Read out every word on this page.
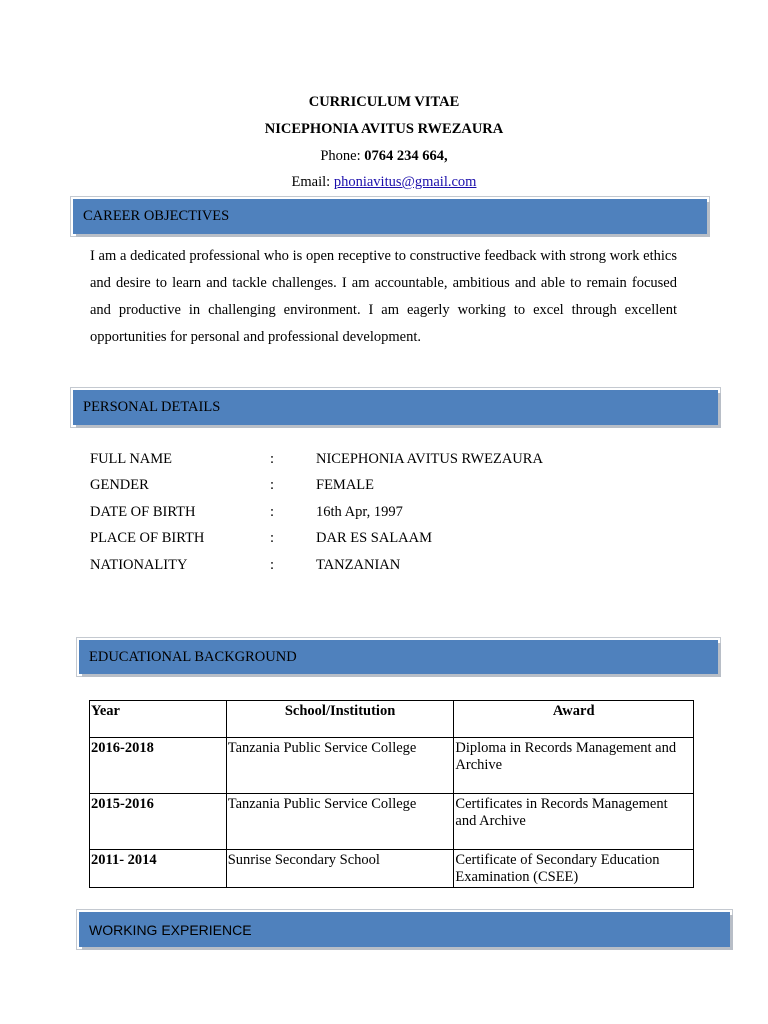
CURRICULUM VITAE
NICEPHONIA AVITUS RWEZAURA
Phone: 0764 234 664,
Email: phoniavitus@gmail.com
CAREER OBJECTIVES
I am a dedicated professional who is open receptive to constructive feedback with strong work ethics and desire to learn and tackle challenges. I am accountable, ambitious and able to remain focused and productive in challenging environment. I am eagerly working to excel through excellent opportunities for personal and professional development.
PERSONAL DETAILS
FULL NAME	:	NICEPHONIA AVITUS RWEZAURA
GENDER	:	FEMALE
DATE OF BIRTH	:	16th Apr, 1997
PLACE OF BIRTH	:	DAR ES SALAAM
NATIONALITY	:	TANZANIAN
EDUCATIONAL BACKGROUND
Year	School/Institution	Award
2016-2018	Tanzania Public Service College	Diploma in Records Management and Archive
2015-2016	Tanzania Public Service College	Certificates in Records Management and Archive
2011- 2014	Sunrise Secondary School	Certificate of Secondary Education Examination (CSEE)
WORKING EXPERIENCE
